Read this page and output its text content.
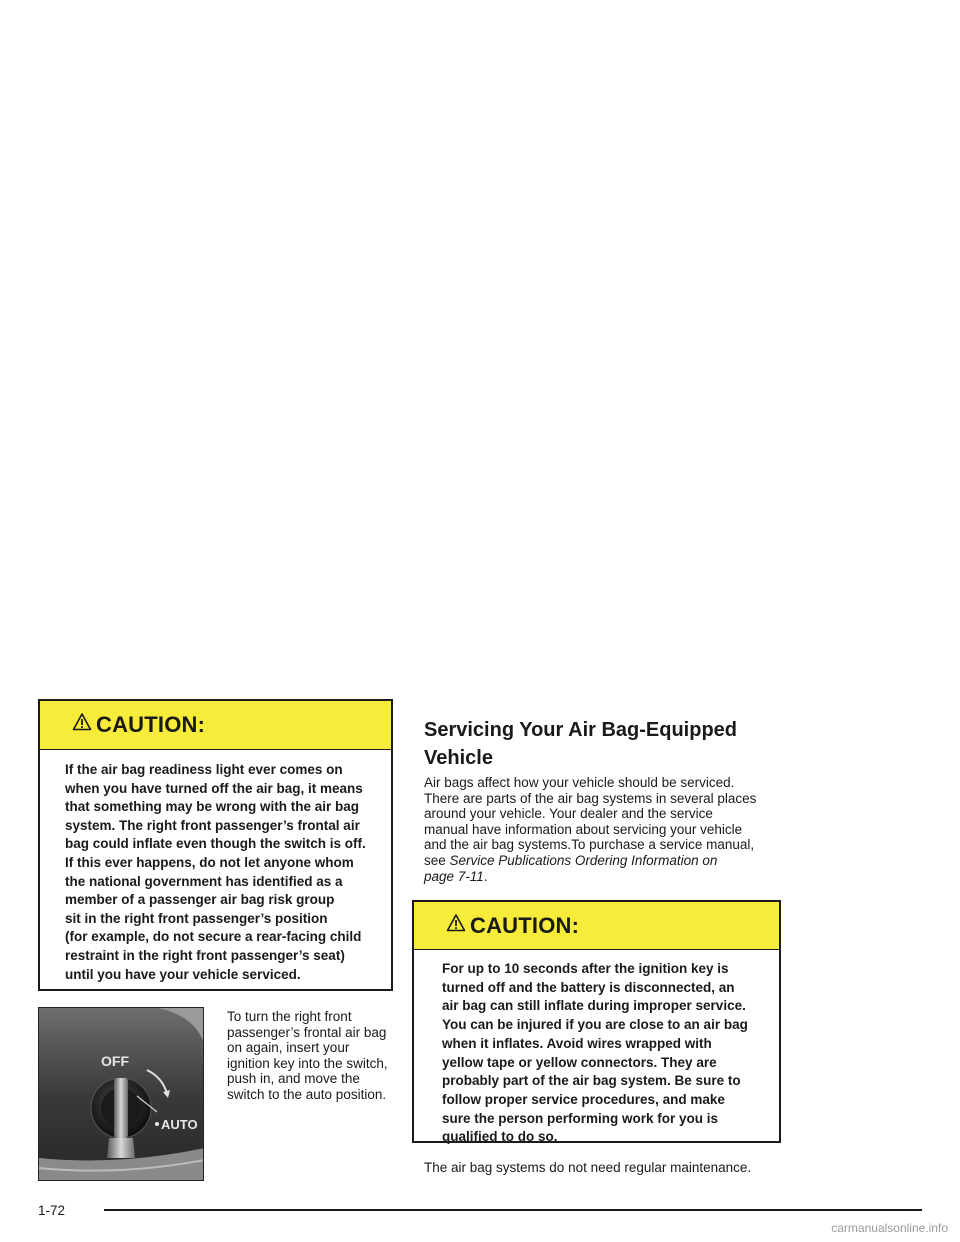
CAUTION:

If the air bag readiness light ever comes on

when you have turned off the air bag, it means

that something may be wrong with the air bag

system. The right front passenger’s frontal air

bag could inflate even though the switch is off.

If this ever happens, do not let anyone whom

the national government has identified as a

member of a passenger air bag risk group

sit in the right front passenger’s position

(for example, do not secure a rear-facing child

restraint in the right front passenger’s seat)

until you have your vehicle serviced.

OFF
AUTO
To turn the right front
passenger’s frontal air bag
on again, insert your
ignition key into the switch,
push in, and move the
switch to the auto position.
Servicing Your Air Bag-Equipped
Vehicle
Air bags affect how your vehicle should be serviced.
There are parts of the air bag systems in several places
around your vehicle. Your dealer and the service
manual have information about servicing your vehicle
and the air bag systems.To purchase a service manual,
see Service Publications Ordering Information on
page 7-11.
CAUTION:

For up to 10 seconds after the ignition key is

turned off and the battery is disconnected, an

air bag can still inflate during improper service.

You can be injured if you are close to an air bag

when it inflates. Avoid wires wrapped with

yellow tape or yellow connectors. They are

probably part of the air bag system. Be sure to

follow proper service procedures, and make

sure the person performing work for you is

qualified to do so.

The air bag systems do not need regular maintenance.
1-72
carmanualsonline.info
